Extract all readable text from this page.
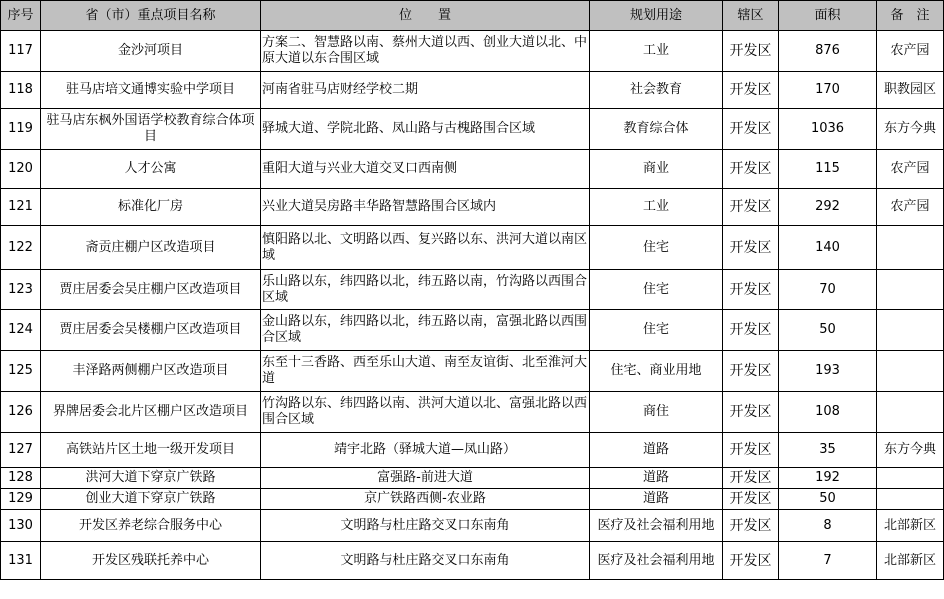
序号	省（市）重点项目名称	位　　置	规划用途	辖区	面积	备　注
117	金沙河项目	方案二、智慧路以南、蔡州大道以西、创业大道以北、中原大道以东合围区域	工业	开发区	876	农产园
118	驻马店培文通博实验中学项目	河南省驻马店财经学校二期	社会教育	开发区	170	职教园区
119	驻马店东枫外国语学校教育综合体项目	驿城大道、学院北路、凤山路与古槐路围合区域	教育综合体	开发区	1036	东方今典
120	人才公寓	重阳大道与兴业大道交叉口西南侧	商业	开发区	115	农产园
121	标准化厂房	兴业大道吴房路丰华路智慧路围合区域内	工业	开发区	292	农产园
122	斋贡庄棚户区改造项目	慎阳路以北、文明路以西、复兴路以东、洪河大道以南区域	住宅	开发区	140	
123	贾庄居委会吴庄棚户区改造项目	乐山路以东，纬四路以北，纬五路以南，竹沟路以西围合区域	住宅	开发区	70	
124	贾庄居委会吴楼棚户区改造项目	金山路以东，纬四路以北，纬五路以南，富强北路以西围合区域	住宅	开发区	50	
125	丰泽路两侧棚户区改造项目	东至十三香路、西至乐山大道、南至友谊街、北至淮河大道	住宅、商业用地	开发区	193	
126	界牌居委会北片区棚户区改造项目	竹沟路以东、纬四路以南、洪河大道以北、富强北路以西围合区域	商住	开发区	108	
127	高铁站片区土地一级开发项目	靖宇北路（驿城大道—凤山路）	道路	开发区	35	东方今典
128	洪河大道下穿京广铁路	富强路-前进大道	道路	开发区	192	
129	创业大道下穿京广铁路	京广铁路西侧-农业路	道路	开发区	50	
130	开发区养老综合服务中心	文明路与杜庄路交叉口东南角	医疗及社会福利用地	开发区	8	北部新区
131	开发区残联托养中心	文明路与杜庄路交叉口东南角	医疗及社会福利用地	开发区	7	北部新区
